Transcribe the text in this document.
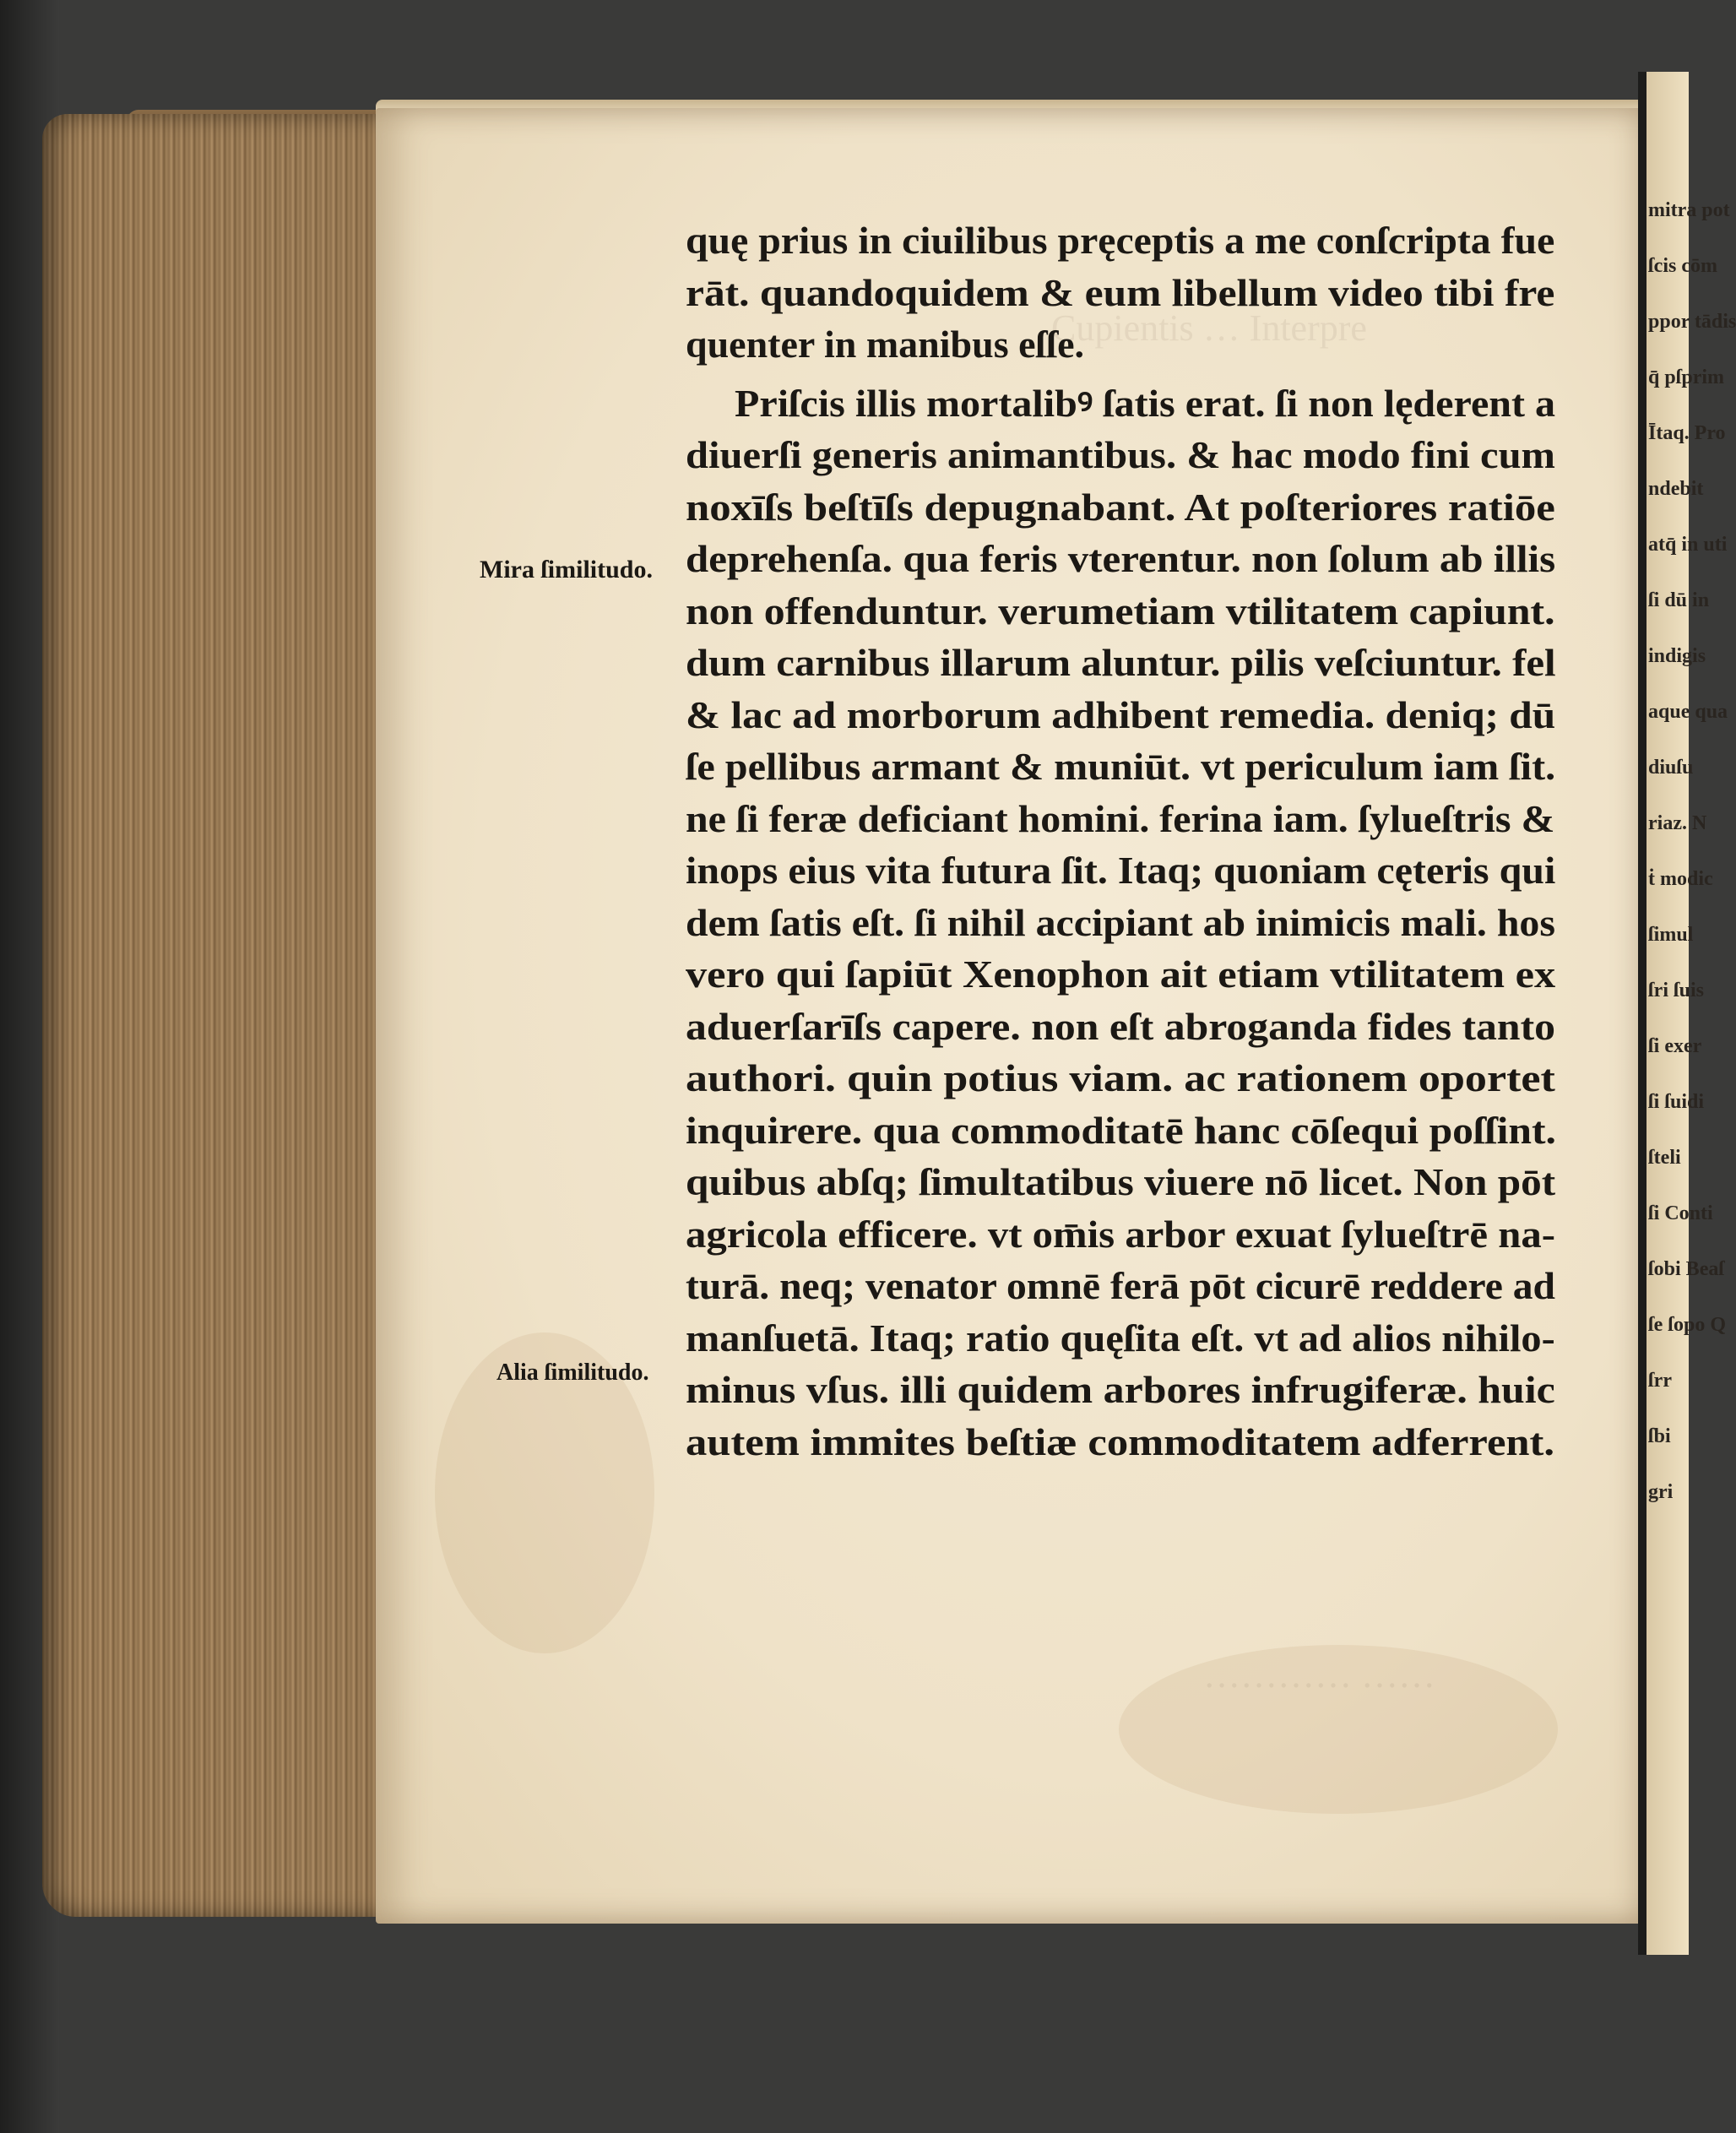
Cupientis … Interpre
………… ……
mitra pot
ſcis cōm
ppor tādis
q̄ pſprim
Ītaq. Pro
ndebit
atq̄ in uti
ſi dū in
indigis
aque qua
diuſu
riaz. N
ṫ modic
ſimul
ſri ſuis
ſi exer
ſi ſuidi
ſteli
ſi Conti
ſobi Beaſ
ſe ſopo Q
ſrr
ſbi
gri
quę prius in ciuilibus pręceptis a me conſcripta fue
rāt. quandoquidem & eum libellum video tibi fre
quenter in manibus eſſe.
Priſcis illis mortalibꝰ ſatis erat. ſi non lęderent a
diuerſi generis animantibus. & hac modo fini cum
noxīſs beſtīſs depugnabant. At poſteriores ratiōe
deprehenſa. qua feris vterentur. non ſolum ab illis
non offenduntur. verumetiam vtilitatem capiunt.
dum carnibus illarum aluntur. pilis veſciuntur. fel
& lac ad morborum adhibent remedia. deniq; dū
ſe pellibus armant & muniūt. vt periculum iam ſit.
ne ſi feræ deficiant homini. ferina iam. ſylueſtris &
inops eius vita futura ſit. Itaq; quoniam cęteris qui
dem ſatis eſt. ſi nihil accipiant ab inimicis mali. hos
vero qui ſapiūt Xenophon ait etiam vtilitatem ex
aduerſarīſs capere. non eſt abroganda fides tanto
authori. quin potius viam. ac rationem oportet
inquirere. qua commoditatē hanc cōſequi poſſint.
quibus abſq; ſimultatibus viuere nō licet. Non pōt
agricola efficere. vt om̄is arbor exuat ſylueſtrē na-
turā. neq; venator omnē ferā pōt cicurē reddere ad
manſuetā. Itaq; ratio quęſita eſt. vt ad alios nihilo-
minus vſus. illi quidem arbores infrugiferæ. huic
autem immites beſtiæ commoditatem adferrent.
Mira ſimilitudo.
Alia ſimilitudo.
